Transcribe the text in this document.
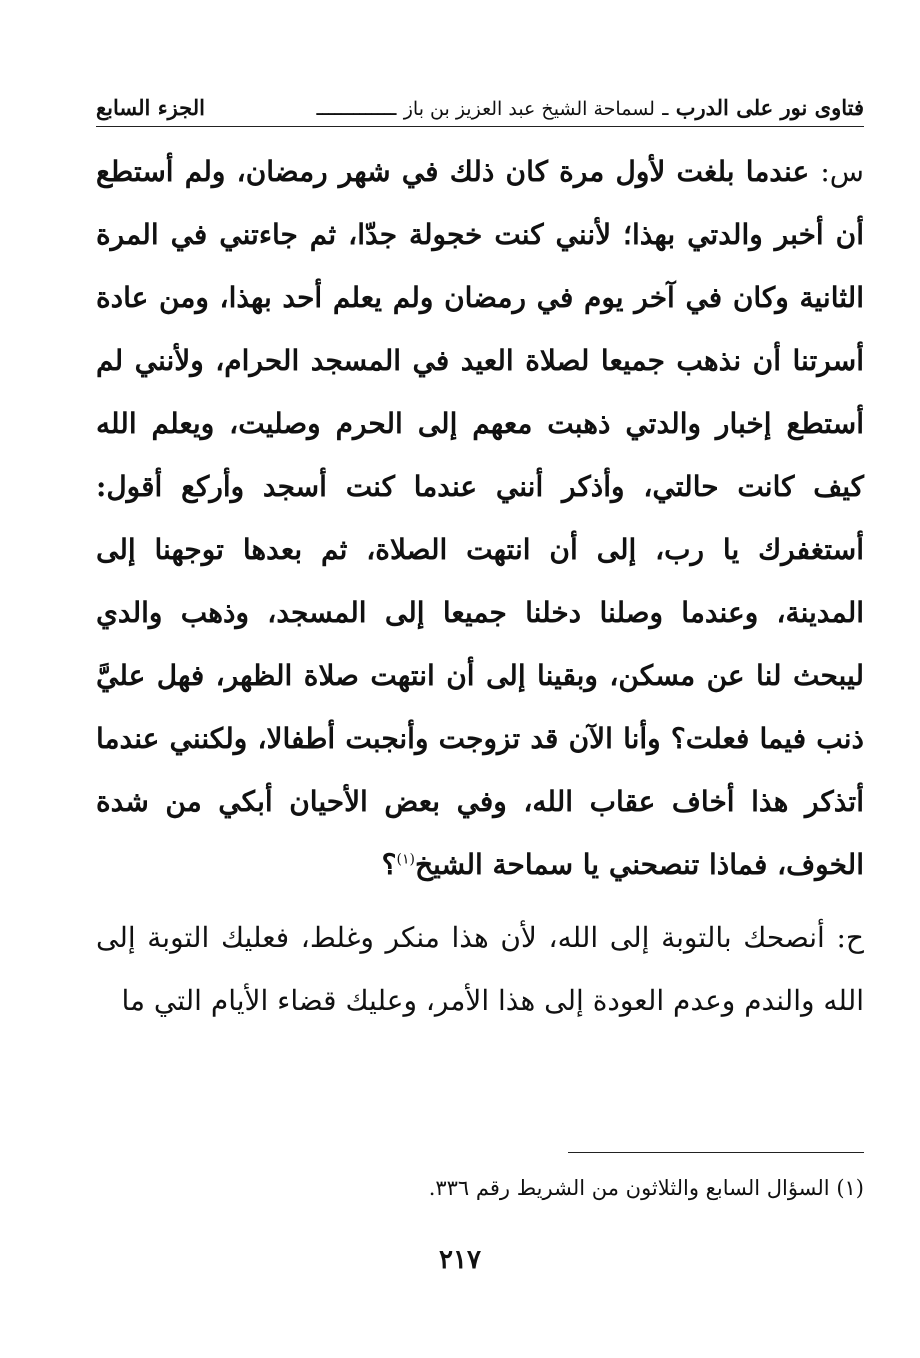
فتاوى نور على الدرب ـ لسماحة الشيخ عبد العزيز بن باز ـــــــــــــ
الجزء السابع

س: عندما بلغت لأول مرة كان ذلك في شهر رمضان، ولم أستطع أن أخبر والدتي بهذا؛ لأنني كنت خجولة جدّا، ثم جاءتني في المرة الثانية وكان في آخر يوم في رمضان ولم يعلم أحد بهذا، ومن عادة أسرتنا أن نذهب جميعا لصلاة العيد في المسجد الحرام، ولأنني لم أستطع إخبار والدتي ذهبت معهم إلى الحرم وصليت، ويعلم الله كيف كانت حالتي، وأذكر أنني عندما كنت أسجد وأركع أقول: أستغفرك يا رب، إلى أن انتهت الصلاة، ثم بعدها توجهنا إلى المدينة، وعندما وصلنا دخلنا جميعا إلى المسجد، وذهب والدي ليبحث لنا عن مسكن، وبقينا إلى أن انتهت صلاة الظهر، فهل عليَّ ذنب فيما فعلت؟ وأنا الآن قد تزوجت وأنجبت أطفالا، ولكنني عندما أتذكر هذا أخاف عقاب الله، وفي بعض الأحيان أبكي من شدة الخوف، فماذا تنصحني يا سماحة الشيخ$^{(١)}$؟

ح: أنصحك بالتوبة إلى الله، لأن هذا منكر وغلط، فعليك التوبة إلى الله والندم وعدم العودة إلى هذا الأمر، وعليك قضاء الأيام التي ما

(١) السؤال السابع والثلاثون من الشريط رقم ٣٣٦.
٢١٧
